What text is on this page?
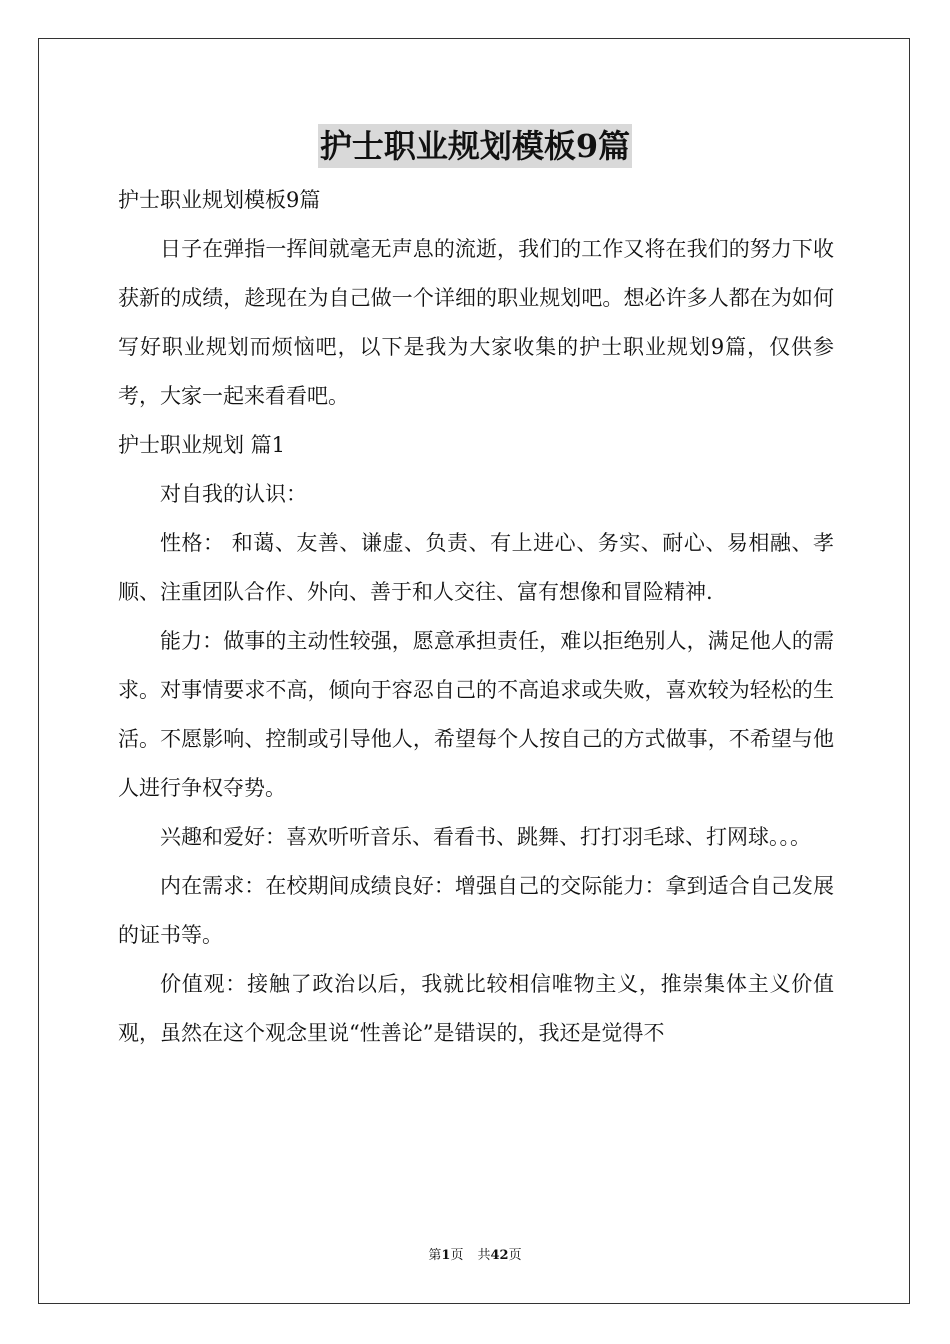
护士职业规划模板9篇

护士职业规划模板9篇

日子在弹指一挥间就毫无声息的流逝，我们的工作又将在我们的努力下收获新的成绩，趁现在为自己做一个详细的职业规划吧。想必许多人都在为如何写好职业规划而烦恼吧，以下是我为大家收集的护士职业规划9篇，仅供参考，大家一起来看看吧。

护士职业规划 篇1

对自我的认识：

性格： 和蔼、友善、谦虚、负责、有上进心、务实、耐心、易相融、孝顺、注重团队合作、外向、善于和人交往、富有想像和冒险精神.

能力：做事的主动性较强，愿意承担责任，难以拒绝别人，满足他人的需求。对事情要求不高，倾向于容忍自己的不高追求或失败，喜欢较为轻松的生活。不愿影响、控制或引导他人，希望每个人按自己的方式做事，不希望与他人进行争权夺势。

兴趣和爱好：喜欢听听音乐、看看书、跳舞、打打羽毛球、打网球。。。

内在需求：在校期间成绩良好：增强自己的交际能力：拿到适合自己发展的证书等。

价值观：接触了政治以后，我就比较相信唯物主义，推崇集体主义价值观，虽然在这个观念里说“性善论”是错误的，我还是觉得不

第1页 共42页
